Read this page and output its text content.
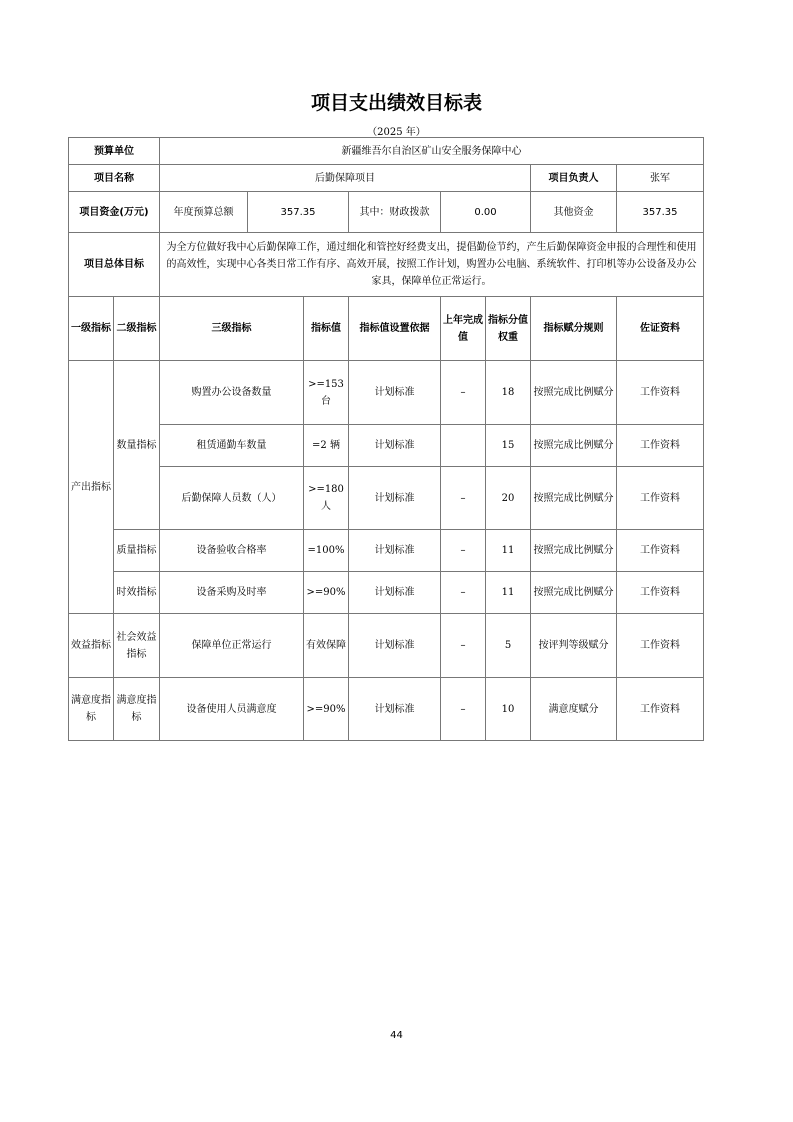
项目支出绩效目标表
（2025 年）
预算单位		新疆维吾尔自治区矿山安全服务保障中心							
项目名称		后勤保障项目						项目负责人	张军
项目资金(万元)		年度预算总额	357.35		其中：财政拨款	0.00		其他资金	357.35
项目总体目标		为全方位做好我中心后勤保障工作，通过细化和管控好经费支出，提倡勤俭节约，产生后勤保障资金申报的合理性和使用的高效性，实现中心各类日常工作有序、高效开展，按照工作计划，购置办公电脑、系统软件、打印机等办公设备及办公家具，保障单位正常运行。							
一级指标	二级指标	三级指标		指标值	指标值设置依据	上年完成值	指标分值权重	指标赋分规则	佐证资料
产出指标	数量指标	购置办公设备数量		>=153台	计划标准	–	18	按照完成比例赋分	工作资料
		租赁通勤车数量		=2 辆	计划标准		15	按照完成比例赋分	工作资料
		后勤保障人员数（人）		>=180人	计划标准	–	20	按照完成比例赋分	工作资料
	质量指标	设备验收合格率		=100%	计划标准	–	11	按照完成比例赋分	工作资料
	时效指标	设备采购及时率		>=90%	计划标准	–	11	按照完成比例赋分	工作资料
效益指标	社会效益指标	保障单位正常运行		有效保障	计划标准	–	5	按评判等级赋分	工作资料
满意度指标	满意度指标	设备使用人员满意度		>=90%	计划标准	–	10	满意度赋分	工作资料
44
